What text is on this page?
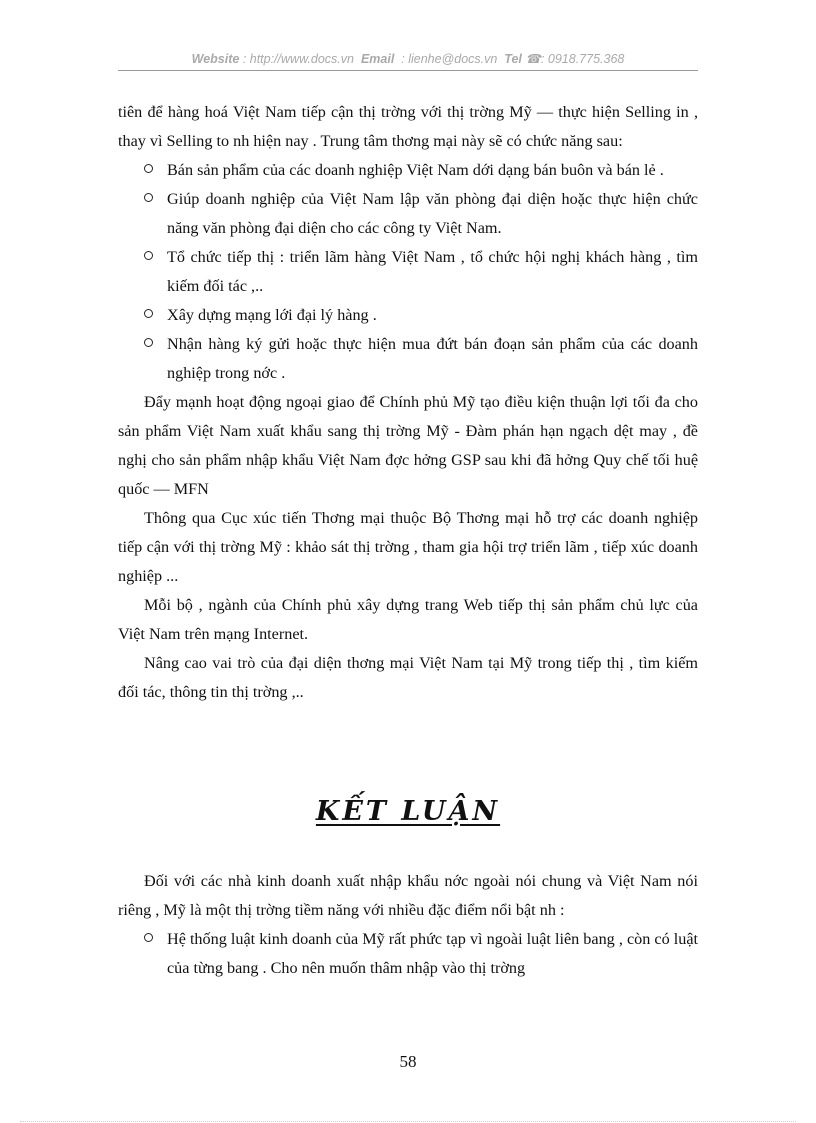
Website : http://www.docs.vn Email : lienhe@docs.vn Tel ☎: 0918.775.368

tiên để hàng hoá Việt Nam tiếp cận thị trờng với thị trờng Mỹ — thực hiện Selling in , thay vì Selling to nh hiện nay . Trung tâm thơng mại này sẽ có chức năng sau:

Bán sản phẩm của các doanh nghiệp Việt Nam dới dạng bán buôn và bán lẻ .
Giúp doanh nghiệp của Việt Nam lập văn phòng đại diện hoặc thực hiện chức năng văn phòng đại diện cho các công ty Việt Nam.
Tổ chức tiếp thị : triển lãm hàng Việt Nam , tổ chức hội nghị khách hàng , tìm kiếm đối tác ,..
Xây dựng mạng lới đại lý hàng .
Nhận hàng ký gửi hoặc thực hiện mua đứt bán đoạn sản phẩm của các doanh nghiệp trong nớc .

Đẩy mạnh hoạt động ngoại giao để Chính phủ Mỹ tạo điều kiện thuận lợi tối đa cho sản phẩm Việt Nam xuất khẩu sang thị trờng Mỹ - Đàm phán hạn ngạch dệt may , đề nghị cho sản phẩm nhập khẩu Việt Nam đợc hởng GSP sau khi đã hởng Quy chế tối huệ quốc — MFN

Thông qua Cục xúc tiến Thơng mại thuộc Bộ Thơng mại hỗ trợ các doanh nghiệp tiếp cận với thị trờng Mỹ : khảo sát thị trờng , tham gia hội trợ triển lãm , tiếp xúc doanh nghiệp ...

Mỗi bộ , ngành của Chính phủ xây dựng trang Web tiếp thị sản phẩm chủ lực của Việt Nam trên mạng Internet.

Nâng cao vai trò của đại diện thơng mại Việt Nam tại Mỹ trong tiếp thị , tìm kiếm đối tác, thông tin thị trờng ,..

KẾT LUẬN

Đối với các nhà kinh doanh xuất nhập khẩu nớc ngoài nói chung và Việt Nam nói riêng , Mỹ là một thị trờng tiềm năng với nhiều đặc điểm nổi bật nh :

Hệ thống luật kinh doanh của Mỹ rất phức tạp vì ngoài luật liên bang , còn có luật của từng bang . Cho nên muốn thâm nhập vào thị trờng
58
